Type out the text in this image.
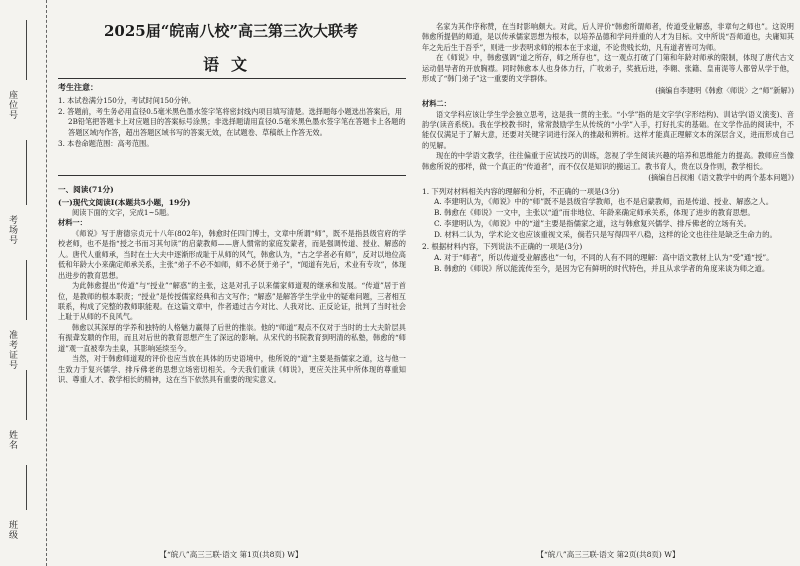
座位号
考场号
准考证号
姓名
班级
2025届“皖南八校”高三第三次大联考
语文
考生注意：

1. 本试卷满分150分，考试时间150分钟。

2. 答题前，考生务必用直径0.5毫米黑色墨水签字笔将密封线内项目填写清楚。选择题每小题选出答案后，用2B铅笔把答题卡上对应题目的答案标号涂黑；非选择题请用直径0.5毫米黑色墨水签字笔在答题卡上各题的答题区域内作答，超出答题区域书写的答案无效，在试题卷、草稿纸上作答无效。

3. 本卷命题范围：高考范围。

一、阅读(71分)

(一)现代文阅读Ⅰ(本题共5小题，19分)

阅读下面的文字，完成1~5题。

材料一：

《师说》写于唐德宗贞元十八年(802年)，韩愈时任四门博士，文章中所谓“师”，既不是指县级官府的学校老师，也不是指“授之书而习其句读”的启蒙教师——唐人惯常的家庭发蒙者，而是强调传道、授业、解惑的人。唐代人重师承，当时在士大夫中逐渐形成耻于从师的风气，韩愈认为，“古之学者必有师”，反对以地位高低和年龄大小来确定师承关系，主张“弟子不必不如师，师不必贤于弟子”，“闻道有先后，术业有专攻”，体现出进步的教育思想。

为此韩愈提出“传道”与“授业”“解惑”的主张，这是对孔子以来儒家师道观的继承和发展。“传道”居于首位，是教师的根本职责；“授业”是传授儒家经典和古文写作；“解惑”是解答学生学业中的疑难问题，三者相互联系，构成了完整的教师职能观。在这篇文章中，作者通过古今对比、人我对比、正反论证，批判了当时社会上耻于从师的不良风气。

韩愈以其深厚的学养和独特的人格魅力赢得了后世的推崇。他的“师道”观点不仅对于当时的士大夫阶层具有振聋发聩的作用，而且对后世的教育思想产生了深远的影响。从宋代的书院教育到明清的私塾，韩愈的“师道”观一直被奉为圭臬，其影响延续至今。

当然，对于韩愈师道观的评价也应当放在具体的历史语境中，他所说的“道”主要是指儒家之道，这与他一生致力于复兴儒学、排斥佛老的思想立场密切相关。今天我们重读《师说》，更应关注其中所体现的尊重知识、尊重人才、教学相长的精神，这在当下依然具有重要的现实意义。

【“皖八”高三三联·语文 第1页(共8页) W】

名家为其作序称赞，在当时影响颇大。对此，后人评价“韩愈所谓师者，传道受业解惑，非章句之师也”。这说明韩愈所提倡的师道，是以传承儒家思想为根本，以培养品德和学问并重的人才为目标。文中所说“吾师道也，夫庸知其年之先后生于吾乎”，则进一步表明求师的根本在于求道，不论贵贱长幼，凡有道者皆可为师。

在《师说》中，韩愈强调“道之所存，师之所存也”，这一观点打破了门第和年龄对师承的限制，体现了唐代古文运动倡导者的开放胸襟。同时韩愈本人也身体力行，广收弟子，奖掖后进，李翱、张籍、皇甫湜等人都曾从学于他，形成了“韩门弟子”这一重要的文学群体。

(摘编自李建明《韩愈〈师说〉之“师”新解》)

材料二：

语文学科应该让学生学会独立思考，这是我一贯的主张。“小学”指的是文字学(字形结构)、训诂学(语义演变)、音韵学(读音系统)。我在学校教书时，常常鼓励学生从传统的“小学”入手，打好扎实的基础。在文学作品的阅读中，不能仅仅满足于了解大意，还要对关键字词进行深入的推敲和辨析。这样才能真正理解文本的深层含义，进而形成自己的见解。

现在的中学语文教学，往往偏重于应试技巧的训练，忽视了学生阅读兴趣的培养和思维能力的提高。教师应当像韩愈所说的那样，做一个真正的“传道者”，而不仅仅是知识的搬运工。教书育人，贵在以身作则，教学相长。

(摘编自吕叔湘《语文教学中的两个基本问题》)

1. 下列对材料相关内容的理解和分析，不正确的一项是(3分)

A. 李建明认为，《师说》中的“师”既不是县级官学教师，也不是启蒙教师，而是传道、授业、解惑之人。

B. 韩愈在《师说》一文中，主张以“道”而非地位、年龄来确定师承关系，体现了进步的教育思想。

C. 李建明认为，《师说》中的“道”主要是指儒家之道，这与韩愈复兴儒学、排斥佛老的立场有关。

D. 材料二认为，学术论文也应该重视文采，倘若只是写得四平八稳，这样的论文也往往是缺乏生命力的。

2. 根据材料内容，下列说法不正确的一项是(3分)

A. 对于“师者”，所以传道受业解惑也”一句，不同的人有不同的理解：高中语文教材上认为“受”通“授”。

B. 韩愈的《师说》所以能流传至今，是因为它有鲜明的时代特色，并且从求学者的角度来谈为师之道。

【“皖八”高三三联·语文 第2页(共8页) W】
